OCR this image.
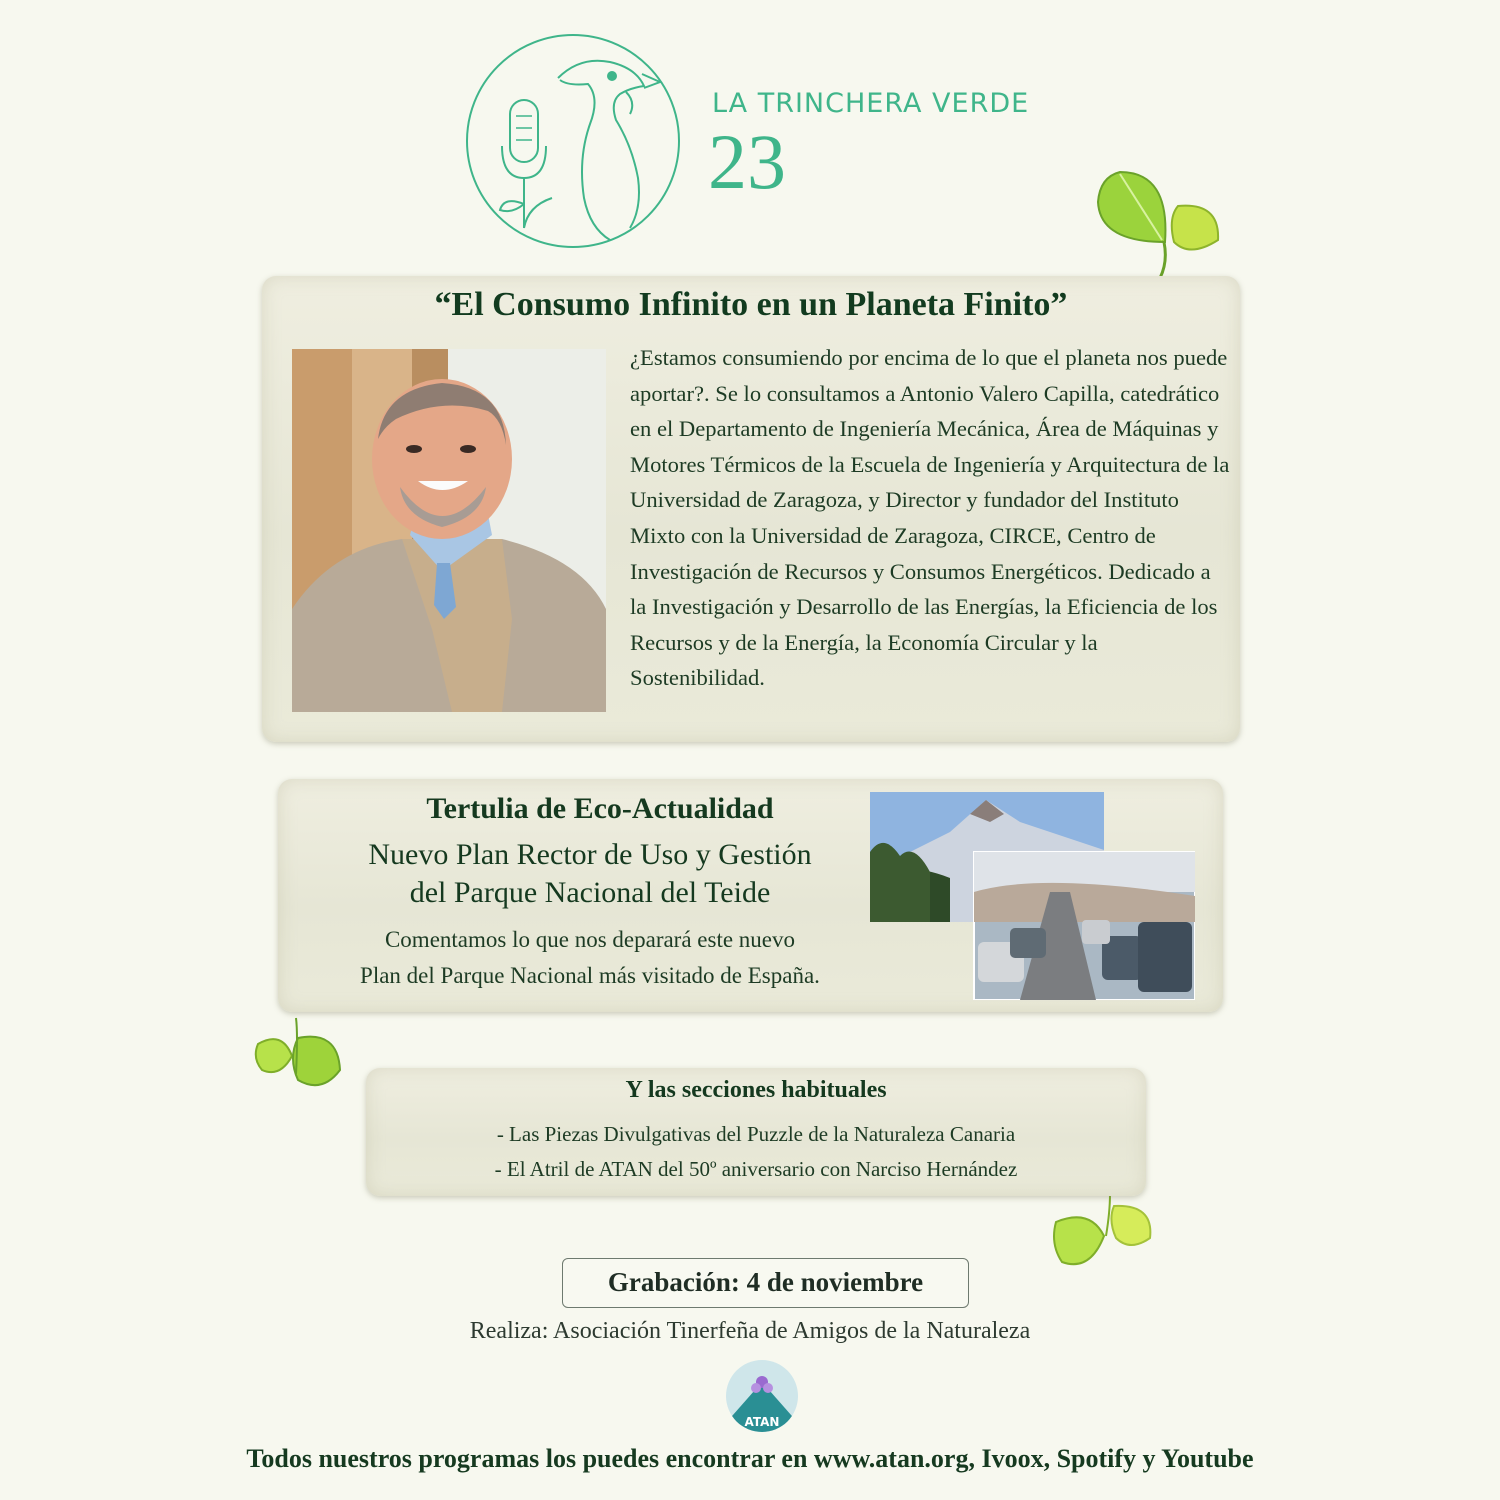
LA TRINCHERA VERDE
23
“El Consumo Infinito en un Planeta Finito”
¿Estamos consumiendo por encima de lo que el planeta nos puede aportar?. Se lo consultamos a Antonio Valero Capilla, catedrático en el Departamento de Ingeniería Mecánica, Área de Máquinas y Motores Térmicos de la Escuela de Ingeniería y Arquitectura de la Universidad de Zaragoza, y Director y fundador del Instituto Mixto con la Universidad de Zaragoza, CIRCE, Centro de Investigación de Recursos y Consumos Energéticos. Dedicado a la Investigación y Desarrollo de las Energías, la Eficiencia de los Recursos y de la Energía, la Economía Circular y la Sostenibilidad.
Tertulia de Eco-Actualidad
Nuevo Plan Rector de Uso y Gestión
del Parque Nacional del Teide
Comentamos lo que nos deparará este nuevo
Plan del Parque Nacional más visitado de España.
Y las secciones habituales
- Las Piezas Divulgativas del Puzzle de la Naturaleza Canaria
- El Atril de ATAN del 50º aniversario con Narciso Hernández
Grabación: 4 de noviembre
Realiza: Asociación Tinerfeña de Amigos de la Naturaleza
ATAN
Todos nuestros programas los puedes encontrar en www.atan.org, Ivoox, Spotify y Youtube
